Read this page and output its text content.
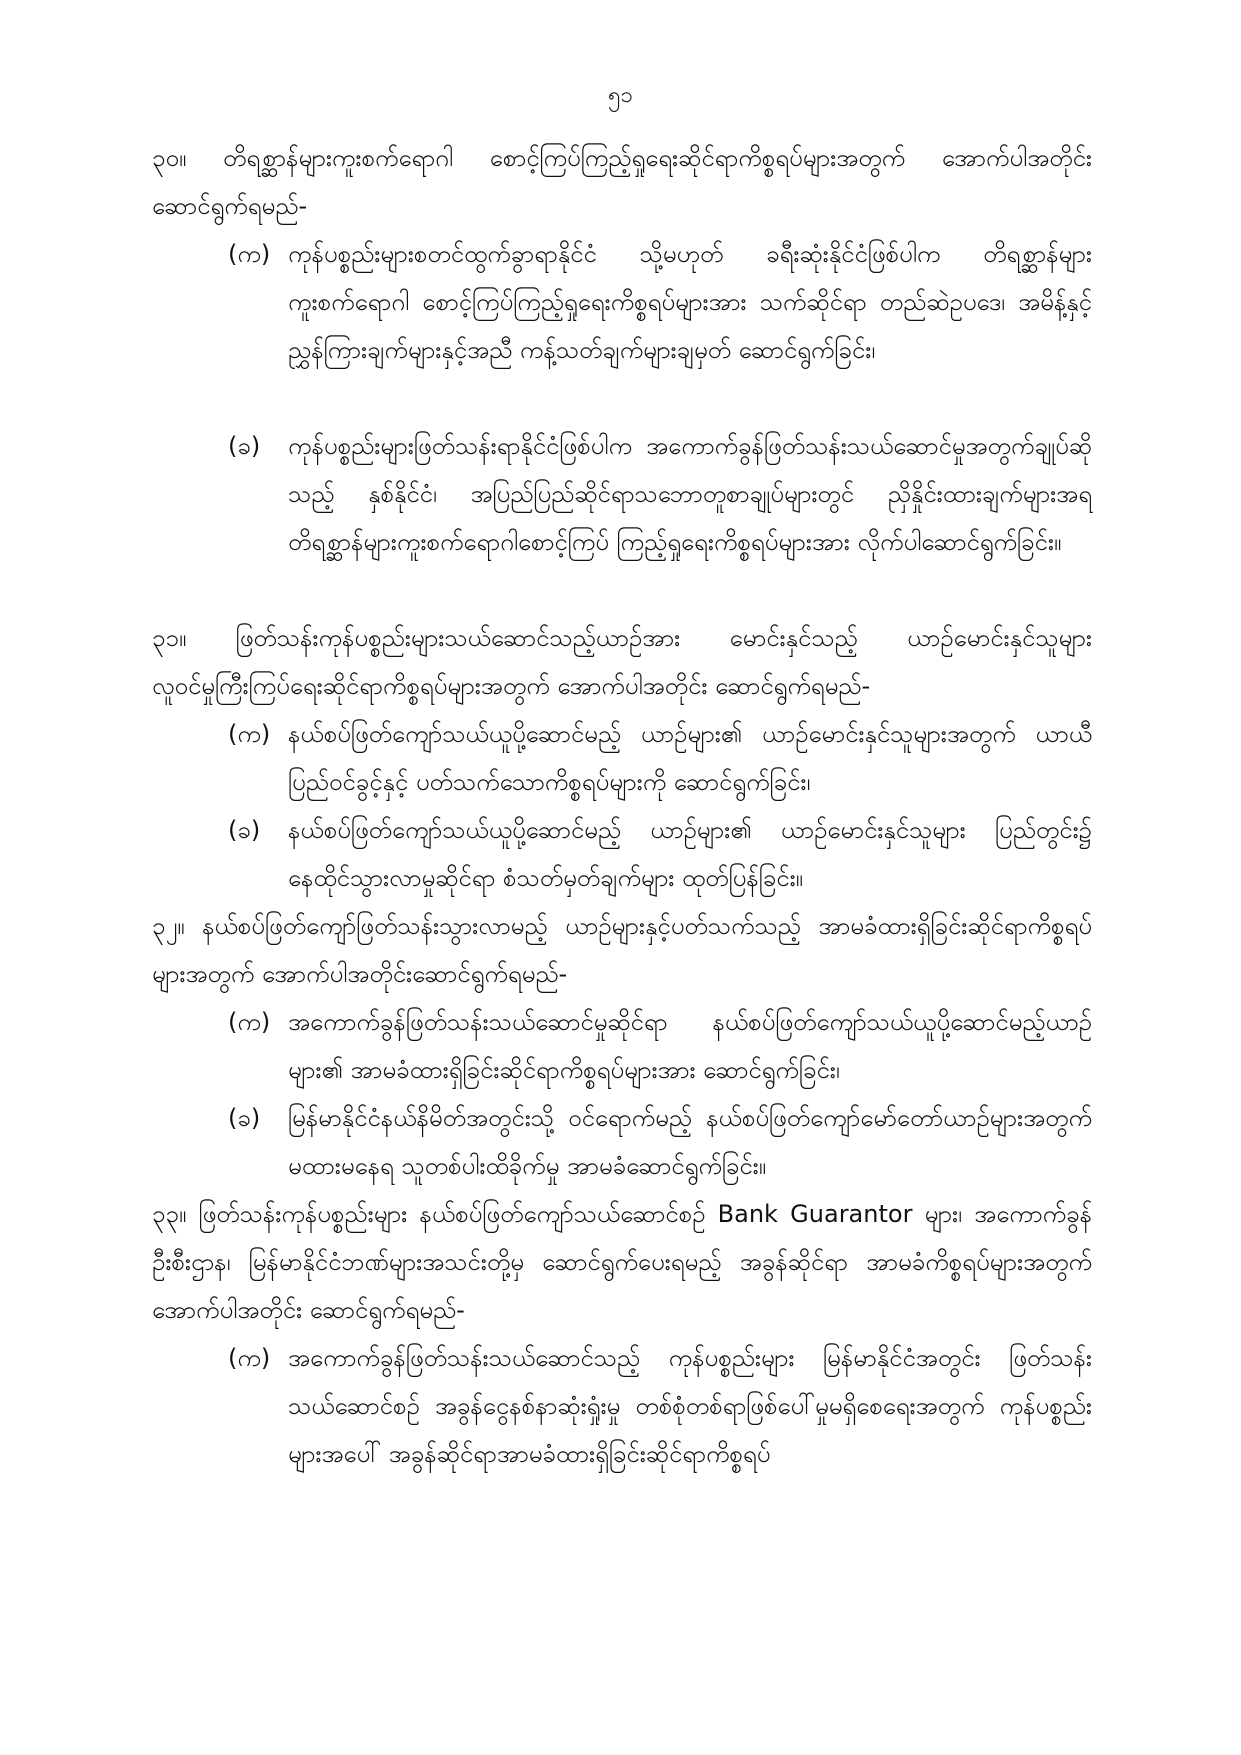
၅၁
၃၀။ တိရစ္ဆာန်များကူးစက်ရောဂါ စောင့်ကြပ်ကြည့်ရှုရေးဆိုင်ရာကိစ္စရပ်များအတွက် အောက်ပါအတိုင်း ဆောင်ရွက်ရမည်-
(က) ကုန်ပစ္စည်းများစတင်ထွက်ခွာရာနိုင်ငံ သို့မဟုတ် ခရီးဆုံးနိုင်ငံဖြစ်ပါက တိရစ္ဆာန်များကူးစက်ရောဂါ စောင့်ကြပ်ကြည့်ရှုရေးကိစ္စရပ်များအား သက်ဆိုင်ရာ တည်ဆဲဥပဒေ၊ အမိန့်နှင့်ညွှန်ကြားချက်များနှင့်အညီ ကန့်သတ်ချက်များချမှတ် ဆောင်ရွက်ခြင်း၊
(ခ)	ကုန်ပစ္စည်းများဖြတ်သန်းရာနိုင်ငံဖြစ်ပါက အကောက်ခွန်ဖြတ်သန်းသယ်ဆောင်မှုအတွက်ချုပ်ဆိုသည့် နှစ်နိုင်ငံ၊ အပြည်ပြည်ဆိုင်ရာသဘောတူစာချုပ်များတွင် ညှိနှိုင်းထားချက်များအရ တိရစ္ဆာန်များကူးစက်ရောဂါစောင့်ကြပ် ကြည့်ရှုရေးကိစ္စရပ်များအား လိုက်ပါဆောင်ရွက်ခြင်း။
၃၁။ ဖြတ်သန်းကုန်ပစ္စည်းများသယ်ဆောင်သည့်ယာဉ်အား မောင်းနှင်သည့် ယာဉ်မောင်းနှင်သူများ လူဝင်မှုကြီးကြပ်ရေးဆိုင်ရာကိစ္စရပ်များအတွက် အောက်ပါအတိုင်း ဆောင်ရွက်ရမည်-
(က) နယ်စပ်ဖြတ်ကျော်သယ်ယူပို့ဆောင်မည့် ယာဉ်များ၏ ယာဉ်မောင်းနှင်သူများအတွက် ယာယီပြည်ဝင်ခွင့်နှင့် ပတ်သက်သောကိစ္စရပ်များကို ဆောင်ရွက်ခြင်း၊
(ခ)	နယ်စပ်ဖြတ်ကျော်သယ်ယူပို့ဆောင်မည့် ယာဉ်များ၏ ယာဉ်မောင်းနှင်သူများ ပြည်တွင်း၌ နေထိုင်သွားလာမှုဆိုင်ရာ စံသတ်မှတ်ချက်များ ထုတ်ပြန်ခြင်း။
၃၂။ နယ်စပ်ဖြတ်ကျော်ဖြတ်သန်းသွားလာမည့် ယာဉ်များနှင့်ပတ်သက်သည့် အာမခံထားရှိခြင်းဆိုင်ရာကိစ္စရပ်များအတွက် အောက်ပါအတိုင်းဆောင်ရွက်ရမည်-
(က) အကောက်ခွန်ဖြတ်သန်းသယ်ဆောင်မှုဆိုင်ရာ နယ်စပ်ဖြတ်ကျော်သယ်ယူပို့ဆောင်မည့်ယာဉ်များ၏ အာမခံထားရှိခြင်းဆိုင်ရာကိစ္စရပ်များအား ဆောင်ရွက်ခြင်း၊
(ခ)	မြန်မာနိုင်ငံနယ်နိမိတ်အတွင်းသို့ ဝင်ရောက်မည့် နယ်စပ်ဖြတ်ကျော်မော်တော်ယာဉ်များအတွက် မထားမနေရ သူတစ်ပါးထိခိုက်မှု အာမခံဆောင်ရွက်ခြင်း။
၃၃။ ဖြတ်သန်းကုန်ပစ္စည်းများ နယ်စပ်ဖြတ်ကျော်သယ်ဆောင်စဉ် Bank Guarantor များ၊ အကောက်ခွန်ဦးစီးဌာန၊ မြန်မာနိုင်ငံဘဏ်များအသင်းတို့မှ ဆောင်ရွက်ပေးရမည့် အခွန်ဆိုင်ရာ အာမခံကိစ္စရပ်များအတွက် အောက်ပါအတိုင်း ဆောင်ရွက်ရမည်-
(က) အကောက်ခွန်ဖြတ်သန်းသယ်ဆောင်သည့် ကုန်ပစ္စည်းများ မြန်မာနိုင်ငံအတွင်း ဖြတ်သန်းသယ်ဆောင်စဉ် အခွန်ငွေနစ်နာဆုံးရှုံးမှု တစ်စုံတစ်ရာဖြစ်ပေါ်မှုမရှိစေရေးအတွက် ကုန်ပစ္စည်းများအပေါ် အခွန်ဆိုင်ရာအာမခံထားရှိခြင်းဆိုင်ရာကိစ္စရပ်
